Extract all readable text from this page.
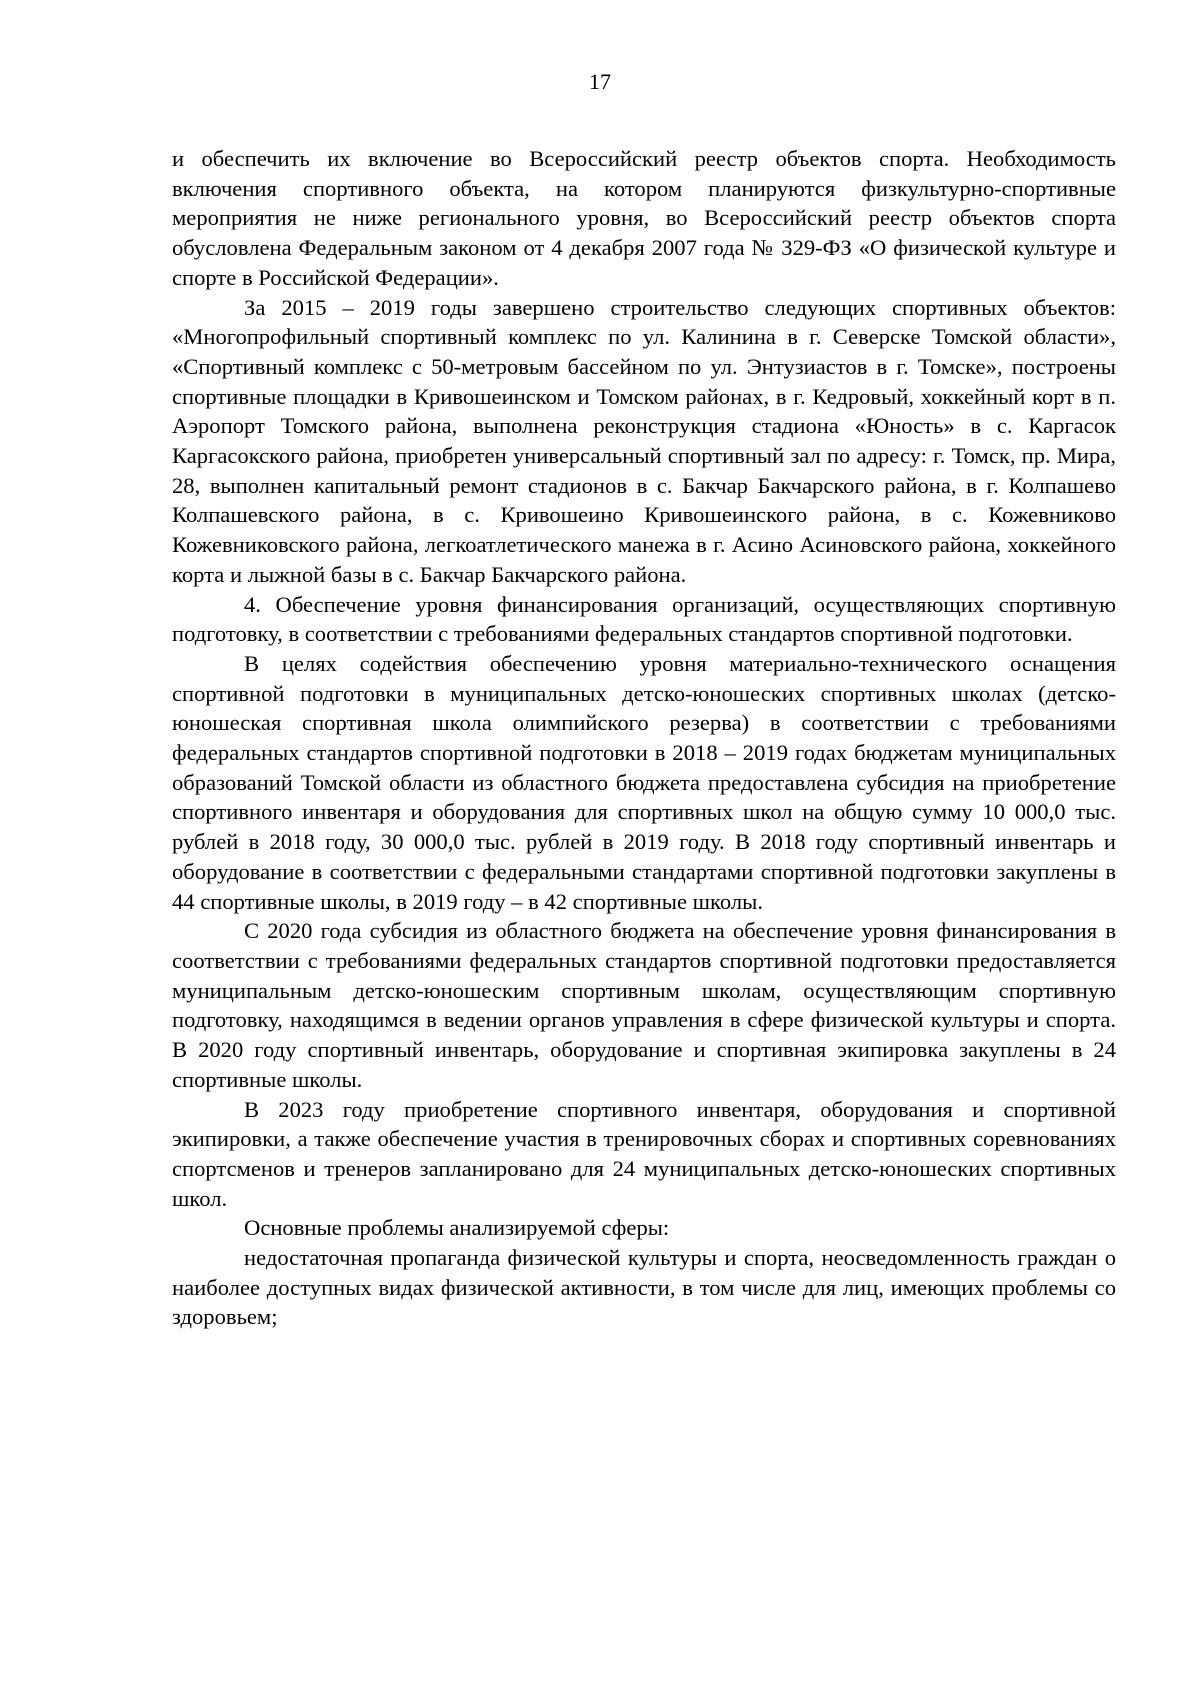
17

и обеспечить их включение во Всероссийский реестр объектов спорта. Необходимость включения спортивного объекта, на котором планируются физкультурно-спортивные мероприятия не ниже регионального уровня, во Всероссийский реестр объектов спорта обусловлена Федеральным законом от 4 декабря 2007 года № 329-ФЗ «О физической культуре и спорте в Российской Федерации».

За 2015 – 2019 годы завершено строительство следующих спортивных объектов: «Многопрофильный спортивный комплекс по ул. Калинина в г. Северске Томской области», «Спортивный комплекс с 50-метровым бассейном по ул. Энтузиастов в г. Томске», построены спортивные площадки в Кривошеинском и Томском районах, в г. Кедровый, хоккейный корт в п. Аэропорт Томского района, выполнена реконструкция стадиона «Юность» в с. Каргасок Каргасокского района, приобретен универсальный спортивный зал по адресу: г. Томск, пр. Мира, 28, выполнен капитальный ремонт стадионов в с. Бакчар Бакчарского района, в г. Колпашево Колпашевского района, в с. Кривошеино Кривошеинского района, в с. Кожевниково Кожевниковского района, легкоатлетического манежа в г. Асино Асиновского района, хоккейного корта и лыжной базы в с. Бакчар Бакчарского района.

4. Обеспечение уровня финансирования организаций, осуществляющих спортивную подготовку, в соответствии с требованиями федеральных стандартов спортивной подготовки.

В целях содействия обеспечению уровня материально-технического оснащения спортивной подготовки в муниципальных детско-юношеских спортивных школах (детско-юношеская спортивная школа олимпийского резерва) в соответствии с требованиями федеральных стандартов спортивной подготовки в 2018 – 2019 годах бюджетам муниципальных образований Томской области из областного бюджета предоставлена субсидия на приобретение спортивного инвентаря и оборудования для спортивных школ на общую сумму 10 000,0 тыс. рублей в 2018 году, 30 000,0 тыс. рублей в 2019 году. В 2018 году спортивный инвентарь и оборудование в соответствии с федеральными стандартами спортивной подготовки закуплены в 44 спортивные школы, в 2019 году – в 42 спортивные школы.

С 2020 года субсидия из областного бюджета на обеспечение уровня финансирования в соответствии с требованиями федеральных стандартов спортивной подготовки предоставляется муниципальным детско-юношеским спортивным школам, осуществляющим спортивную подготовку, находящимся в ведении органов управления в сфере физической культуры и спорта. В 2020 году спортивный инвентарь, оборудование и спортивная экипировка закуплены в 24 спортивные школы.

В 2023 году приобретение спортивного инвентаря, оборудования и спортивной экипировки, а также обеспечение участия в тренировочных сборах и спортивных соревнованиях спортсменов и тренеров запланировано для 24 муниципальных детско-юношеских спортивных школ.

Основные проблемы анализируемой сферы:

недостаточная пропаганда физической культуры и спорта, неосведомленность граждан о наиболее доступных видах физической активности, в том числе для лиц, имеющих проблемы со здоровьем;
